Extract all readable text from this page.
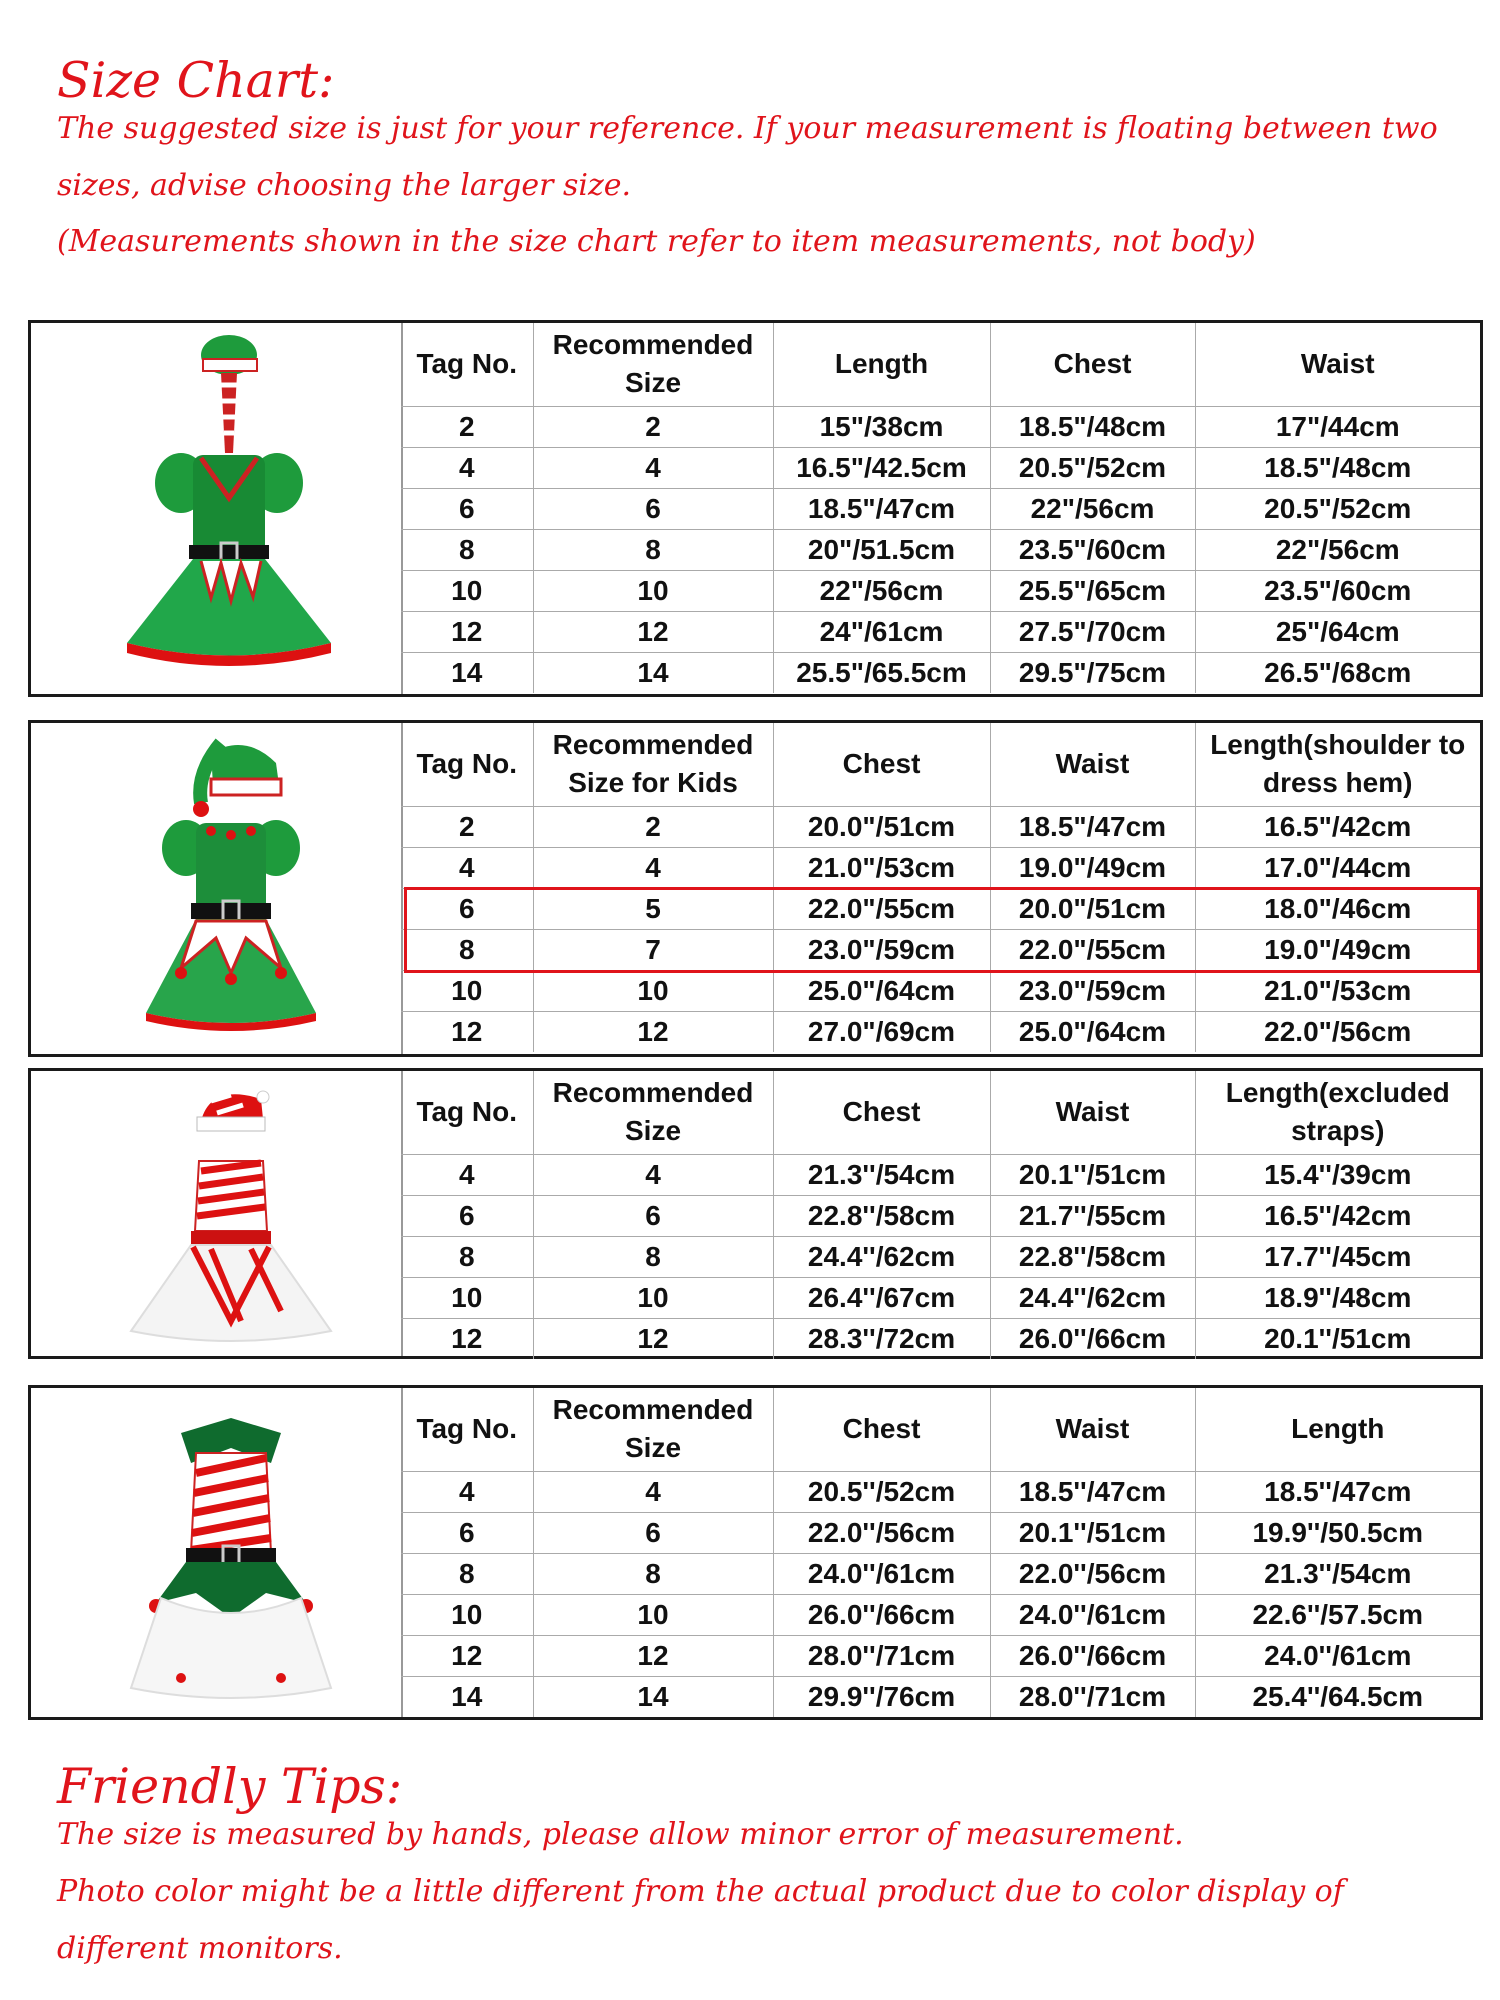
Size Chart:

The suggested size is just for your reference. If your measurement is floating between two

sizes, advise choosing the larger size.

(Measurements shown in the size chart refer to item measurements, not body)

Tag No.	Recommended Size	Length	Chest	Waist
2	2	15"/38cm	18.5"/48cm	17"/44cm
4	4	16.5"/42.5cm	20.5"/52cm	18.5"/48cm
6	6	18.5"/47cm	22"/56cm	20.5"/52cm
8	8	20"/51.5cm	23.5"/60cm	22"/56cm
10	10	22"/56cm	25.5"/65cm	23.5"/60cm
12	12	24"/61cm	27.5"/70cm	25"/64cm
14	14	25.5"/65.5cm	29.5"/75cm	26.5"/68cm
Tag No.	Recommended Size for Kids	Chest	Waist	Length(shoulder to dress hem)
2	2	20.0"/51cm	18.5"/47cm	16.5"/42cm
4	4	21.0"/53cm	19.0"/49cm	17.0"/44cm
6	5	22.0"/55cm	20.0"/51cm	18.0"/46cm
8	7	23.0"/59cm	22.0"/55cm	19.0"/49cm
10	10	25.0"/64cm	23.0"/59cm	21.0"/53cm
12	12	27.0"/69cm	25.0"/64cm	22.0"/56cm
Tag No.	Recommended Size	Chest	Waist	Length(excluded straps)
4	4	21.3''/54cm	20.1''/51cm	15.4''/39cm
6	6	22.8''/58cm	21.7''/55cm	16.5''/42cm
8	8	24.4''/62cm	22.8''/58cm	17.7''/45cm
10	10	26.4''/67cm	24.4''/62cm	18.9''/48cm
12	12	28.3''/72cm	26.0''/66cm	20.1''/51cm
Tag No.	Recommended Size	Chest	Waist	Length
4	4	20.5''/52cm	18.5''/47cm	18.5''/47cm
6	6	22.0''/56cm	20.1''/51cm	19.9''/50.5cm
8	8	24.0''/61cm	22.0''/56cm	21.3''/54cm
10	10	26.0''/66cm	24.0''/61cm	22.6''/57.5cm
12	12	28.0''/71cm	26.0''/66cm	24.0''/61cm
14	14	29.9''/76cm	28.0''/71cm	25.4''/64.5cm

Friendly Tips:

The size is measured by hands, please allow minor error of measurement.

Photo color might be a little different from the actual product due to color display of

different monitors.
